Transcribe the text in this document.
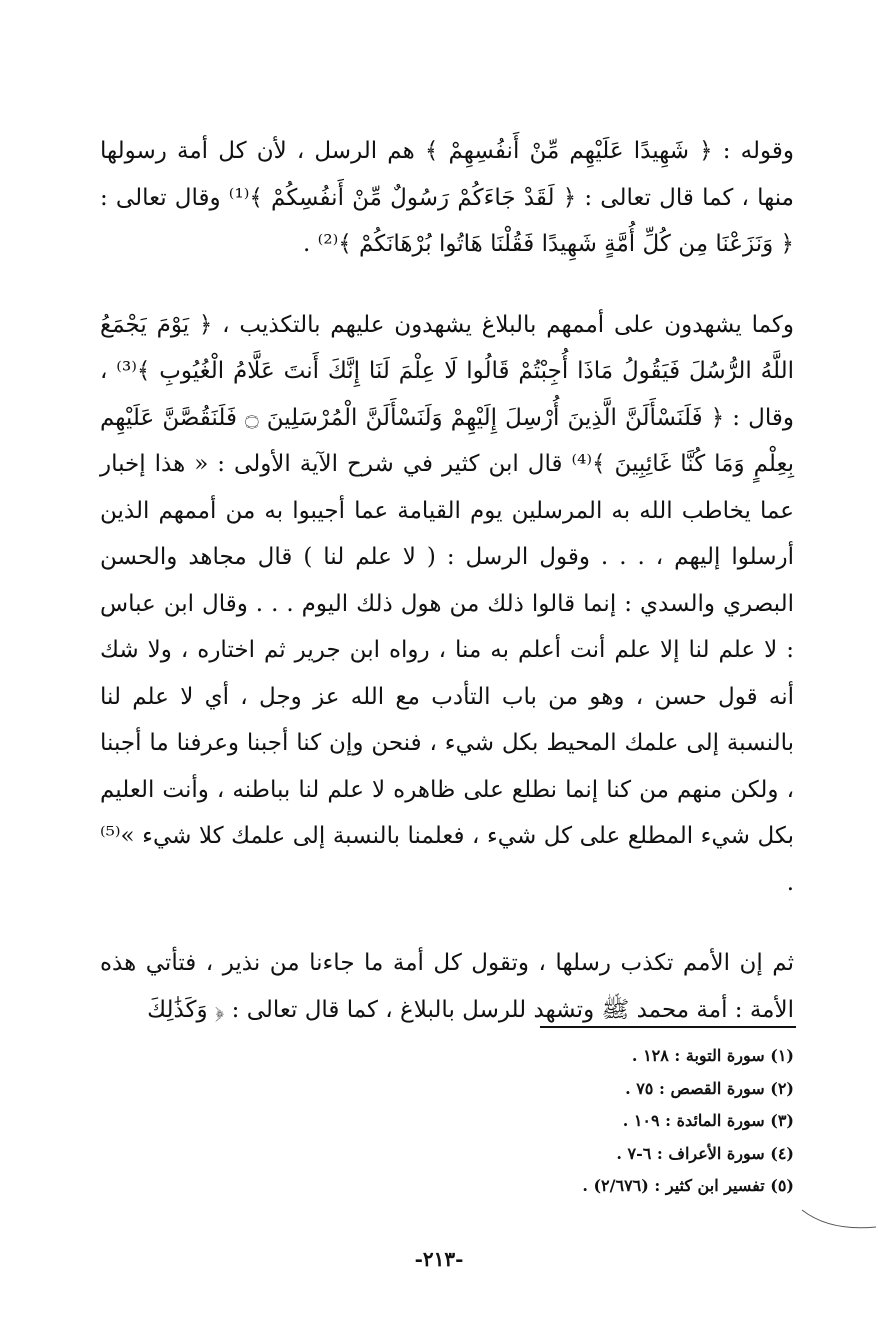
وقوله : ﴿ شَهِيدًا عَلَيْهِم مِّنْ أَنفُسِهِمْ ﴾ هم الرسل ، لأن كل أمة رسولها منها ، كما قال تعالى : ﴿ لَقَدْ جَاءَكُمْ رَسُولٌ مِّنْ أَنفُسِكُمْ ﴾⁽¹⁾ وقال تعالى : ﴿ وَنَزَعْنَا مِن كُلِّ أُمَّةٍ شَهِيدًا فَقُلْنَا هَاتُوا بُرْهَانَكُمْ ﴾⁽²⁾ .

وكما يشهدون على أممهم بالبلاغ يشهدون عليهم بالتكذيب ، ﴿ يَوْمَ يَجْمَعُ اللَّهُ الرُّسُلَ فَيَقُولُ مَاذَا أُجِبْتُمْ قَالُوا لَا عِلْمَ لَنَا إِنَّكَ أَنتَ عَلَّامُ الْغُيُوبِ ﴾⁽³⁾ ، وقال : ﴿ فَلَنَسْأَلَنَّ الَّذِينَ أُرْسِلَ إِلَيْهِمْ وَلَنَسْأَلَنَّ الْمُرْسَلِينَ ۝ فَلَنَقُصَّنَّ عَلَيْهِم بِعِلْمٍ وَمَا كُنَّا غَائِبِينَ ﴾⁽⁴⁾ قال ابن كثير في شرح الآية الأولى : « هذا إخبار عما يخاطب الله به المرسلين يوم القيامة عما أجيبوا به من أممهم الذين أرسلوا إليهم ، . . . وقول الرسل : ( لا علم لنا ) قال مجاهد والحسن البصري والسدي : إنما قالوا ذلك من هول ذلك اليوم . . . وقال ابن عباس : لا علم لنا إلا علم أنت أعلم به منا ، رواه ابن جرير ثم اختاره ، ولا شك أنه قول حسن ، وهو من باب التأدب مع الله عز وجل ، أي لا علم لنا بالنسبة إلى علمك المحيط بكل شيء ، فنحن وإن كنا أجبنا وعرفنا ما أجبنا ، ولكن منهم من كنا إنما نطلع على ظاهره لا علم لنا بباطنه ، وأنت العليم بكل شيء المطلع على كل شيء ، فعلمنا بالنسبة إلى علمك كلا شيء »⁽⁵⁾ .

ثم إن الأمم تكذب رسلها ، وتقول كل أمة ما جاءنا من نذير ، فتأتي هذه الأمة : أمة محمد ﷺ وتشهد للرسل بالبلاغ ، كما قال تعالى : ﴿ وَكَذَٰلِكَ

(١) سورة التوبة : ١٢٨ .
(٢) سورة القصص : ٧٥ .
(٣) سورة المائدة : ١٠٩ .
(٤) سورة الأعراف : ٦-٧ .
(٥) تفسير ابن كثير : (٢/٦٧٦) .
-٢١٣-
